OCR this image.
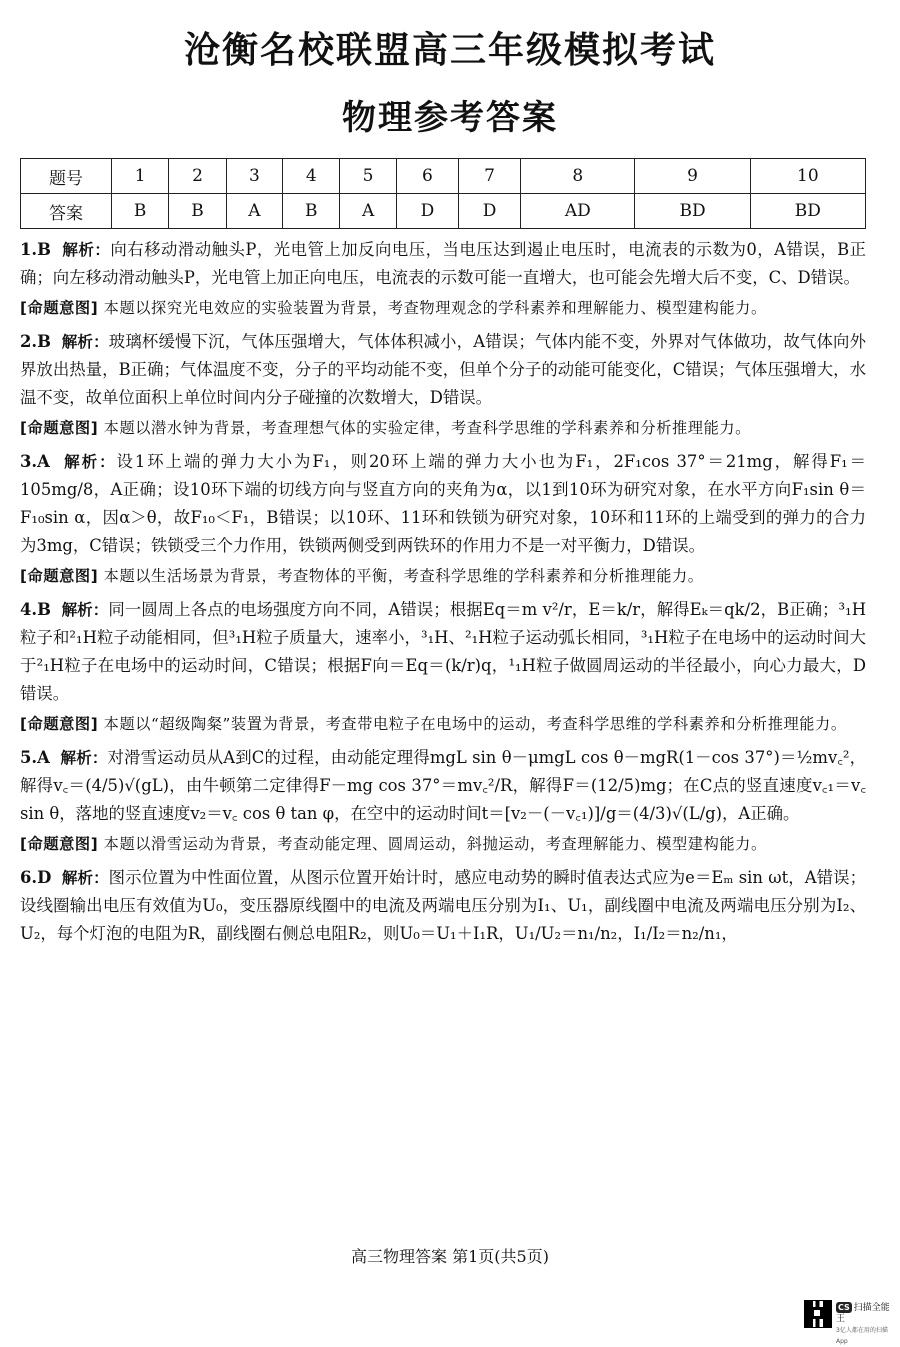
沧衡名校联盟高三年级模拟考试
物理参考答案
题号	1	2	3	4	5	6	7	8	9	10
答案	B	B	A	B	A	D	D	AD	BD	BD

1.B 解析：向右移动滑动触头P，光电管上加反向电压，当电压达到遏止电压时，电流表的示数为0，A错误，B正确；向左移动滑动触头P，光电管上加正向电压，电流表的示数可能一直增大，也可能会先增大后不变，C、D错误。

[命题意图] 本题以探究光电效应的实验装置为背景，考查物理观念的学科素养和理解能力、模型建构能力。

2.B 解析：玻璃杯缓慢下沉，气体压强增大，气体体积减小，A错误；气体内能不变，外界对气体做功，故气体向外界放出热量，B正确；气体温度不变，分子的平均动能不变，但单个分子的动能可能变化，C错误；气体压强增大，水温不变，故单位面积上单位时间内分子碰撞的次数增大，D错误。

[命题意图] 本题以潜水钟为背景，考查理想气体的实验定律，考查科学思维的学科素养和分析推理能力。

3.A 解析：设1环上端的弹力大小为F₁，则20环上端的弹力大小也为F₁，2F₁cos 37°＝21mg，解得F₁＝105mg/8，A正确；设10环下端的切线方向与竖直方向的夹角为α，以1到10环为研究对象，在水平方向F₁sin θ＝F₁₀sin α，因α＞θ，故F₁₀＜F₁，B错误；以10环、11环和铁锁为研究对象，10环和11环的上端受到的弹力的合力为3mg，C错误；铁锁受三个力作用，铁锁两侧受到两铁环的作用力不是一对平衡力，D错误。

[命题意图] 本题以生活场景为背景，考查物体的平衡，考查科学思维的学科素养和分析推理能力。

4.B 解析：同一圆周上各点的电场强度方向不同，A错误；根据Eq＝m v²/r，E＝k/r，解得Eₖ＝qk/2，B正确；³₁H粒子和²₁H粒子动能相同，但³₁H粒子质量大，速率小，³₁H、²₁H粒子运动弧长相同，³₁H粒子在电场中的运动时间大于²₁H粒子在电场中的运动时间，C错误；根据F向＝Eq＝(k/r)q，¹₁H粒子做圆周运动的半径最小，向心力最大，D错误。

[命题意图] 本题以“超级陶粲”装置为背景，考查带电粒子在电场中的运动，考查科学思维的学科素养和分析推理能力。

5.A 解析：对滑雪运动员从A到C的过程，由动能定理得mgL sin θ－μmgL cos θ－mgR(1－cos 37°)＝½mv꜀²，解得v꜀＝(4/5)√(gL)，由牛顿第二定律得F－mg cos 37°＝mv꜀²/R，解得F＝(12/5)mg；在C点的竖直速度v꜀₁＝v꜀ sin θ，落地的竖直速度v₂＝v꜀ cos θ tan φ，在空中的运动时间t＝[v₂－(－v꜀₁)]/g＝(4/3)√(L/g)，A正确。

[命题意图] 本题以滑雪运动为背景，考查动能定理、圆周运动，斜抛运动，考查理解能力、模型建构能力。

6.D 解析：图示位置为中性面位置，从图示位置开始计时，感应电动势的瞬时值表达式应为e＝Eₘ sin ωt，A错误；设线圈输出电压有效值为U₀，变压器原线圈中的电流及两端电压分别为I₁、U₁，副线圈中电流及两端电压分别为I₂、U₂，每个灯泡的电阻为R，副线圈右侧总电阻R₂，则U₀＝U₁＋I₁R，U₁/U₂＝n₁/n₂，I₁/I₂＝n₂/n₁，

高三物理答案 第1页(共5页)
CS 扫描全能王
3亿人都在用的扫描App
